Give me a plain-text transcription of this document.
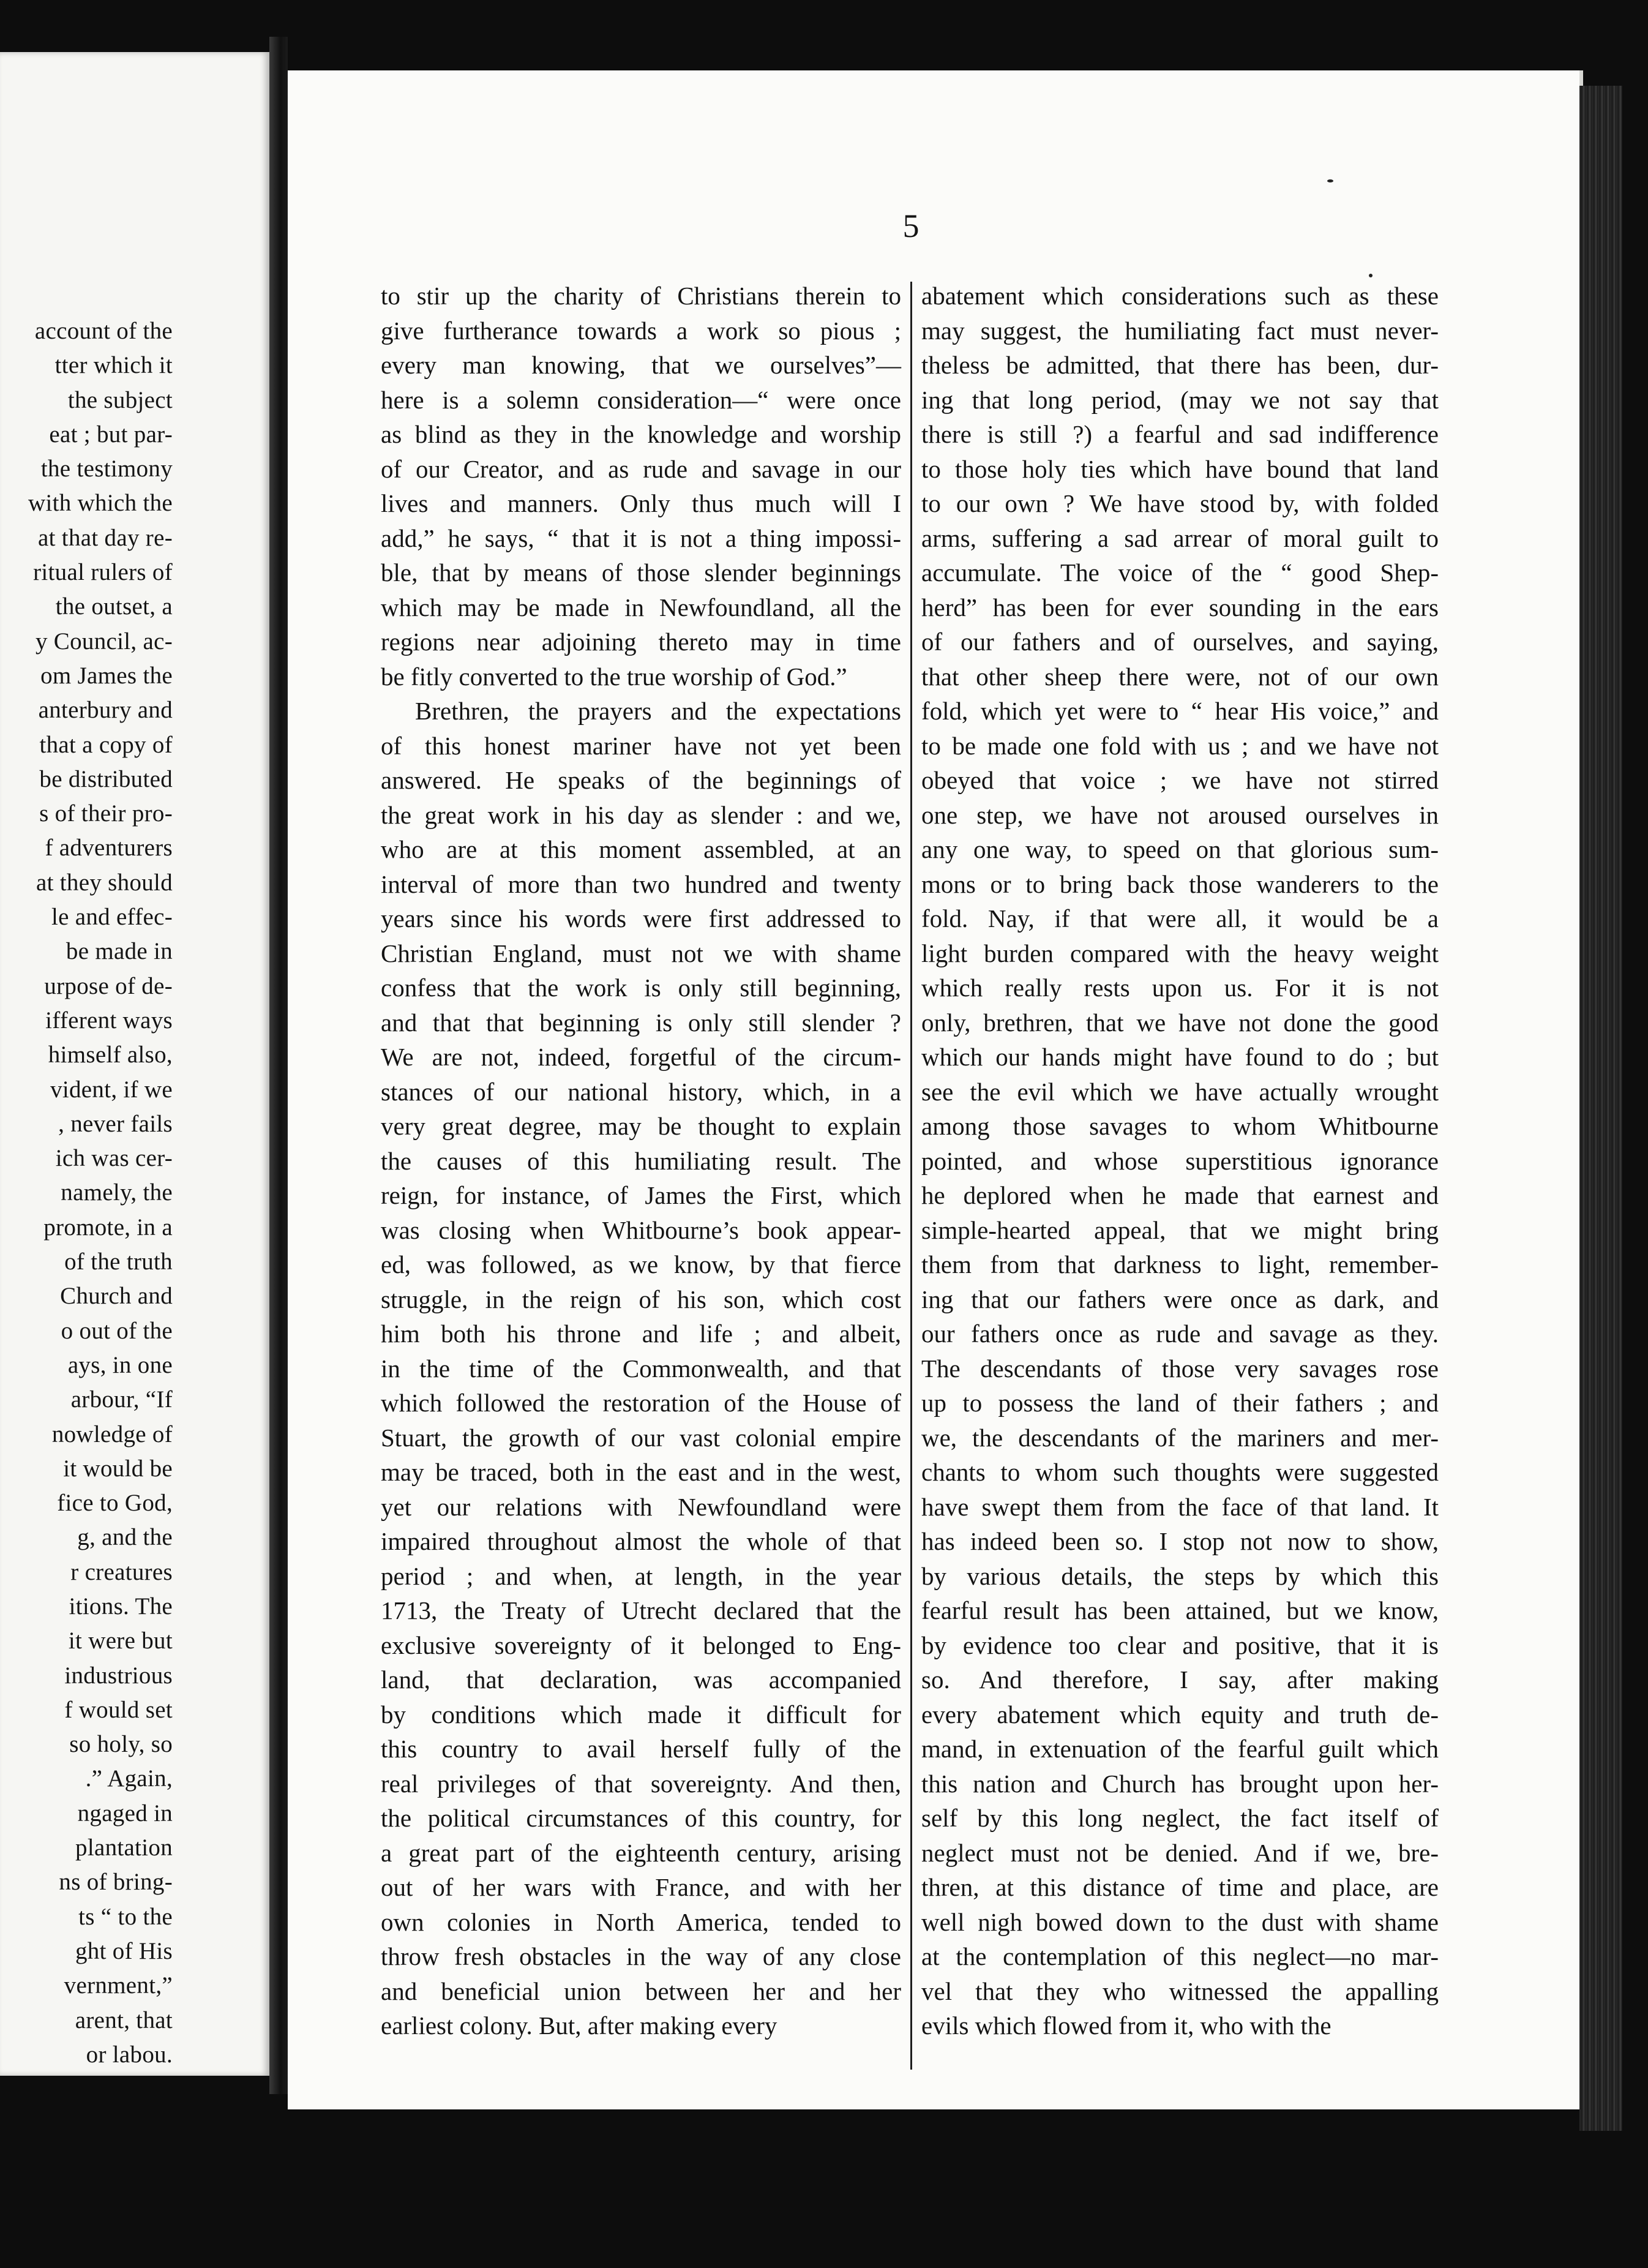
account of the
tter which it
the subject
eat ; but par-
the testimony
with which the
at that day re-
ritual rulers of
the outset, a
y Council, ac-
om James the
anterbury and
that a copy of
be distributed
s of their pro-
f adventurers
at they should
le and effec-
be made in
urpose of de-
ifferent ways
himself also,
vident, if we
, never fails
ich was cer-
namely, the
promote, in a
of the truth
Church and
o out of the
ays, in one
arbour, “If
nowledge of
it would be
fice to God,
g, and the
r creatures
itions. The
it were but
industrious
f would set
so holy, so
.” Again,
ngaged in
plantation
ns of bring-
ts “ to the
ght of His
vernment,”
arent, that
or labou.
5
to stir up the charity of Christians therein to
give furtherance towards a work so pious ;
every man knowing, that we ourselves”—
here is a solemn consideration—“ were once
as blind as they in the knowledge and worship
of our Creator, and as rude and savage in our
lives and manners. Only thus much will I
add,” he says, “ that it is not a thing impossi-
ble, that by means of those slender beginnings
which may be made in Newfoundland, all the
regions near adjoining thereto may in time
be fitly converted to the true worship of God.”
Brethren, the prayers and the expectations
of this honest mariner have not yet been
answered. He speaks of the beginnings of
the great work in his day as slender : and we,
who are at this moment assembled, at an
interval of more than two hundred and twenty
years since his words were first addressed to
Christian England, must not we with shame
confess that the work is only still beginning,
and that that beginning is only still slender ?
We are not, indeed, forgetful of the circum-
stances of our national history, which, in a
very great degree, may be thought to explain
the causes of this humiliating result. The
reign, for instance, of James the First, which
was closing when Whitbourne’s book appear-
ed, was followed, as we know, by that fierce
struggle, in the reign of his son, which cost
him both his throne and life ; and albeit,
in the time of the Commonwealth, and that
which followed the restoration of the House of
Stuart, the growth of our vast colonial empire
may be traced, both in the east and in the west,
yet our relations with Newfoundland were
impaired throughout almost the whole of that
period ; and when, at length, in the year
1713, the Treaty of Utrecht declared that the
exclusive sovereignty of it belonged to Eng-
land, that declaration, was accompanied
by conditions which made it difficult for
this country to avail herself fully of the
real privileges of that sovereignty. And then,
the political circumstances of this country, for
a great part of the eighteenth century, arising
out of her wars with France, and with her
own colonies in North America, tended to
throw fresh obstacles in the way of any close
and beneficial union between her and her
earliest colony. But, after making every
abatement which considerations such as these
may suggest, the humiliating fact must never-
theless be admitted, that there has been, dur-
ing that long period, (may we not say that
there is still ?) a fearful and sad indifference
to those holy ties which have bound that land
to our own ? We have stood by, with folded
arms, suffering a sad arrear of moral guilt to
accumulate. The voice of the “ good Shep-
herd” has been for ever sounding in the ears
of our fathers and of ourselves, and saying,
that other sheep there were, not of our own
fold, which yet were to “ hear His voice,” and
to be made one fold with us ; and we have not
obeyed that voice ; we have not stirred
one step, we have not aroused ourselves in
any one way, to speed on that glorious sum-
mons or to bring back those wanderers to the
fold. Nay, if that were all, it would be a
light burden compared with the heavy weight
which really rests upon us. For it is not
only, brethren, that we have not done the good
which our hands might have found to do ; but
see the evil which we have actually wrought
among those savages to whom Whitbourne
pointed, and whose superstitious ignorance
he deplored when he made that earnest and
simple-hearted appeal, that we might bring
them from that darkness to light, remember-
ing that our fathers were once as dark, and
our fathers once as rude and savage as they.
The descendants of those very savages rose
up to possess the land of their fathers ; and
we, the descendants of the mariners and mer-
chants to whom such thoughts were suggested
have swept them from the face of that land. It
has indeed been so. I stop not now to show,
by various details, the steps by which this
fearful result has been attained, but we know,
by evidence too clear and positive, that it is
so. And therefore, I say, after making
every abatement which equity and truth de-
mand, in extenuation of the fearful guilt which
this nation and Church has brought upon her-
self by this long neglect, the fact itself of
neglect must not be denied. And if we, bre-
thren, at this distance of time and place, are
well nigh bowed down to the dust with shame
at the contemplation of this neglect—no mar-
vel that they who witnessed the appalling
evils which flowed from it, who with the
